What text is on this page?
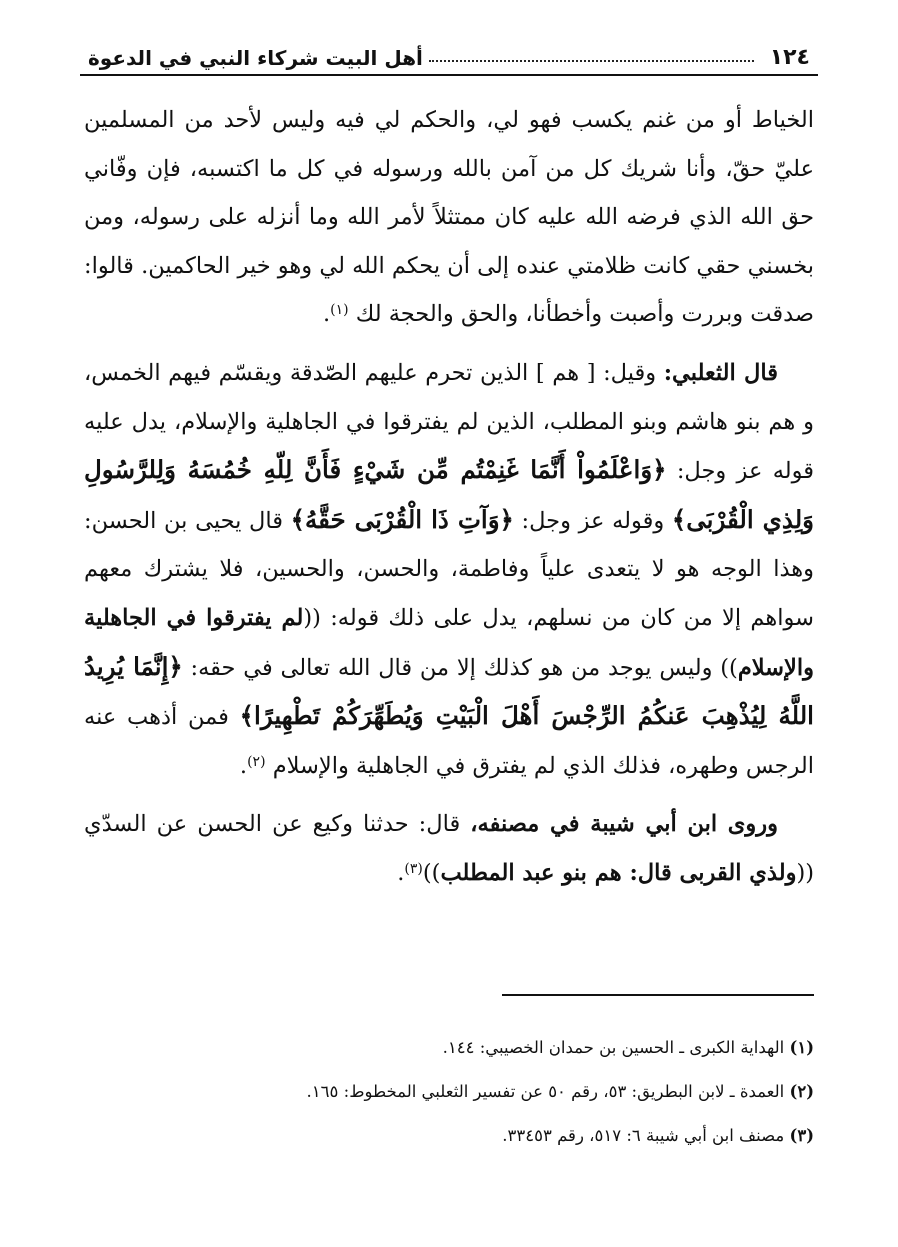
١٢٤
أهل البيت شركاء النبي في الدعوة

الخياط أو من غنم يكسب فهو لي، والحكم لي فيه وليس لأحد من المسلمين عليّ حقّ، وأنا شريك كل من آمن بالله ورسوله في كل ما اكتسبه، فإن وفّاني حق الله الذي فرضه الله عليه كان ممتثلاً لأمر الله وما أنزله على رسوله، ومن بخسني حقي كانت ظلامتي عنده إلى أن يحكم الله لي وهو خير الحاكمين. قالوا: صدقت وبررت وأصبت وأخطأنا، والحق والحجة لك $^{(١)}$.

قال الثعلبي: وقيل: [ هم ] الذين تحرم عليهم الصّدقة ويقسّم فيهم الخمس، و هم بنو هاشم وبنو المطلب، الذين لم يفترقوا في الجاهلية والإسلام، يدل عليه قوله عز وجل: ﴿وَاعْلَمُواْ أَنَّمَا غَنِمْتُم مِّن شَيْءٍ فَأَنَّ لِلّهِ خُمُسَهُ وَلِلرَّسُولِ وَلِذِي الْقُرْبَى﴾ وقوله عز وجل: ﴿وَآتِ ذَا الْقُرْبَى حَقَّهُ﴾ قال يحيى بن الحسن: وهذا الوجه هو لا يتعدى علياً وفاطمة، والحسن، والحسين، فلا يشترك معهم سواهم إلا من كان من نسلهم، يدل على ذلك قوله: ((لم يفترقوا في الجاهلية والإسلام)) وليس يوجد من هو كذلك إلا من قال الله تعالى في حقه: ﴿إِنَّمَا يُرِيدُ اللَّهُ لِيُذْهِبَ عَنكُمُ الرِّجْسَ أَهْلَ الْبَيْتِ وَيُطَهِّرَكُمْ تَطْهِيرًا﴾ فمن أذهب عنه الرجس وطهره، فذلك الذي لم يفترق في الجاهلية والإسلام $^{(٢)}$.

وروى ابن أبي شيبة في مصنفه، قال: حدثنا وكيع عن الحسن عن السدّي ((ولذي القربى قال: هم بنو عبد المطلب))$^{(٣)}$.

(١) الهداية الكبرى ـ الحسين بن حمدان الخصيبي: ١٤٤.

(٢) العمدة ـ لابن البطريق: ٥٣، رقم ٥٠ عن تفسير الثعلبي المخطوط: ١٦٥.

(٣) مصنف ابن أبي شيبة ٦: ٥١٧، رقم ٣٣٤٥٣.
